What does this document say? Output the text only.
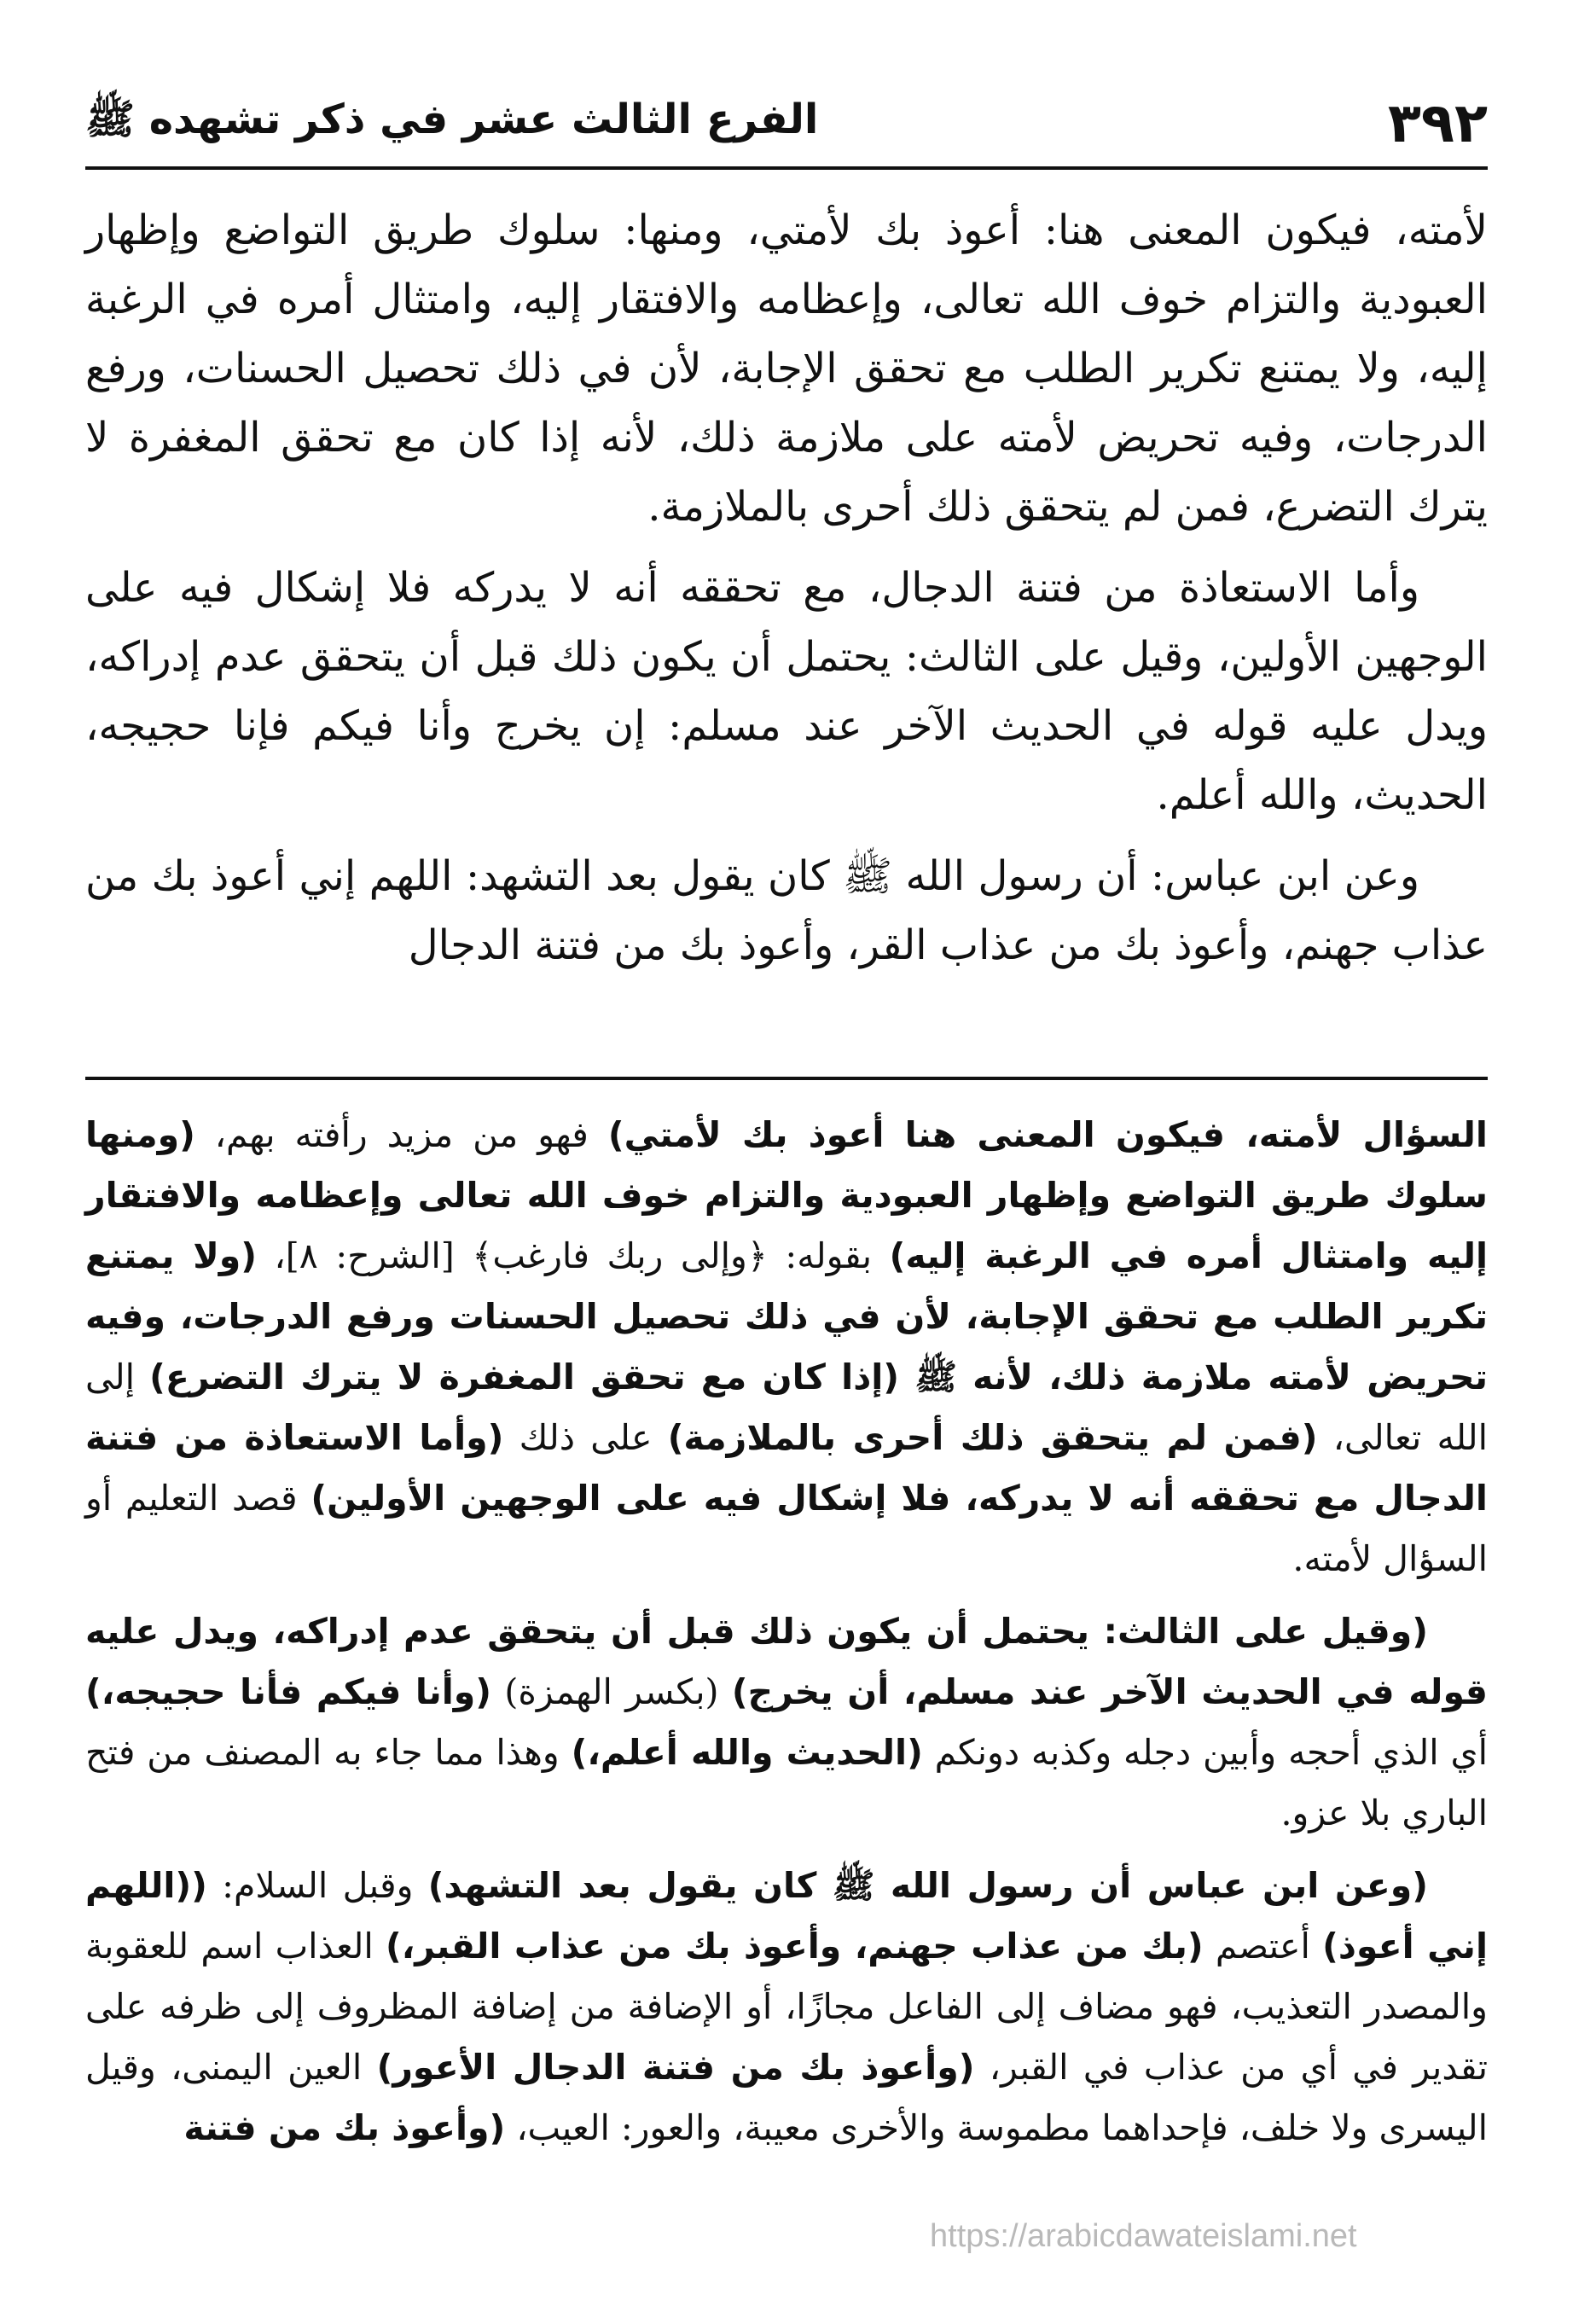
٣٩٢
الفرع الثالث عشر في ذكر تشهده ﷺ

لأمته، فيكون المعنى هنا: أعوذ بك لأمتي، ومنها: سلوك طريق التواضع وإظهار العبودية والتزام خوف الله تعالى، وإعظامه والافتقار إليه، وامتثال أمره في الرغبة إليه، ولا يمتنع تكرير الطلب مع تحقق الإجابة، لأن في ذلك تحصيل الحسنات، ورفع الدرجات، وفيه تحريض لأمته على ملازمة ذلك، لأنه إذا كان مع تحقق المغفرة لا يترك التضرع، فمن لم يتحقق ذلك أحرى بالملازمة.

وأما الاستعاذة من فتنة الدجال، مع تحققه أنه لا يدركه فلا إشكال فيه على الوجهين الأولين، وقيل على الثالث: يحتمل أن يكون ذلك قبل أن يتحقق عدم إدراكه، ويدل عليه قوله في الحديث الآخر عند مسلم: إن يخرج وأنا فيكم فإنا حجيجه، الحديث، والله أعلم.

وعن ابن عباس: أن رسول الله ﷺ كان يقول بعد التشهد: اللهم إني أعوذ بك من عذاب جهنم، وأعوذ بك من عذاب القر، وأعوذ بك من فتنة الدجال

السؤال لأمته، فيكون المعنى هنا أعوذ بك لأمتي) فهو من مزيد رأفته بهم، (ومنها سلوك طريق التواضع وإظهار العبودية والتزام خوف الله تعالى وإعظامه والافتقار إليه وامتثال أمره في الرغبة إليه) بقوله: ﴿وإلى ربك فارغب﴾ [الشرح: ٨]، (ولا يمتنع تكرير الطلب مع تحقق الإجابة، لأن في ذلك تحصيل الحسنات ورفع الدرجات، وفيه تحريض لأمته ملازمة ذلك، لأنه ﷺ (إذا كان مع تحقق المغفرة لا يترك التضرع) إلى الله تعالى، (فمن لم يتحقق ذلك أحرى بالملازمة) على ذلك (وأما الاستعاذة من فتنة الدجال مع تحققه أنه لا يدركه، فلا إشكال فيه على الوجهين الأولين) قصد التعليم أو السؤال لأمته.

(وقيل على الثالث: يحتمل أن يكون ذلك قبل أن يتحقق عدم إدراكه، ويدل عليه قوله في الحديث الآخر عند مسلم، أن يخرج) (بكسر الهمزة) (وأنا فيكم فأنا حجيجه،) أي الذي أحجه وأبين دجله وكذبه دونكم (الحديث والله أعلم،) وهذا مما جاء به المصنف من فتح الباري بلا عزو.

(وعن ابن عباس أن رسول الله ﷺ كان يقول بعد التشهد) وقبل السلام: ((اللهم إني أعوذ) أعتصم (بك من عذاب جهنم، وأعوذ بك من عذاب القبر،) العذاب اسم للعقوبة والمصدر التعذيب، فهو مضاف إلى الفاعل مجازًا، أو الإضافة من إضافة المظروف إلى ظرفه على تقدير في أي من عذاب في القبر، (وأعوذ بك من فتنة الدجال الأعور) العين اليمنى، وقيل اليسرى ولا خلف، فإحداهما مطموسة والأخرى معيبة، والعور: العيب، (وأعوذ بك من فتنة

https://arabicdawateislami.net
